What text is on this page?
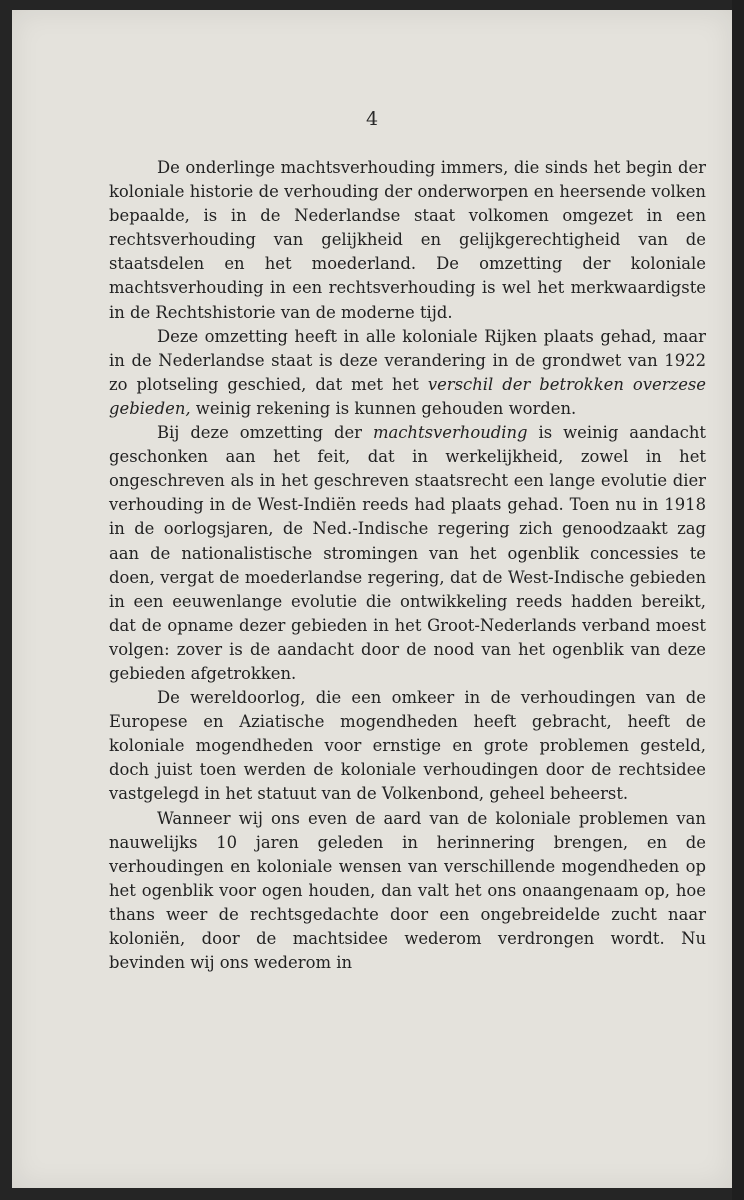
4

De onderlinge machtsverhouding immers, die sinds het begin der koloniale historie de verhouding der onderworpen en heersende volken bepaalde, is in de Nederlandse staat volkomen omgezet in een rechtsverhouding van gelijkheid en gelijkgerechtigheid van de staatsdelen en het moederland. De omzetting der koloniale machtsverhouding in een rechtsverhouding is wel het merkwaardigste in de Rechtshistorie van de moderne tijd.

Deze omzetting heeft in alle koloniale Rijken plaats gehad, maar in de Nederlandse staat is deze verandering in de grondwet van 1922 zo plotseling geschied, dat met het verschil der betrokken overzese gebieden, weinig rekening is kunnen gehouden worden.

Bij deze omzetting der machtsverhouding is weinig aandacht geschonken aan het feit, dat in werkelijkheid, zowel in het ongeschreven als in het geschreven staatsrecht een lange evolutie dier verhouding in de West-Indiën reeds had plaats gehad. Toen nu in 1918 in de oorlogsjaren, de Ned.-Indische regering zich genoodzaakt zag aan de nationalistische stromingen van het ogenblik concessies te doen, vergat de moederlandse regering, dat de West-Indische gebieden in een eeuwenlange evolutie die ontwikkeling reeds hadden bereikt, dat de opname dezer gebieden in het Groot-Nederlands verband moest volgen: zover is de aandacht door de nood van het ogenblik van deze gebieden afgetrokken.

De wereldoorlog, die een omkeer in de verhoudingen van de Europese en Aziatische mogendheden heeft gebracht, heeft de koloniale mogendheden voor ernstige en grote problemen gesteld, doch juist toen werden de koloniale verhoudingen door de rechtsidee vastgelegd in het statuut van de Volkenbond, geheel beheerst.

Wanneer wij ons even de aard van de koloniale problemen van nauwelijks 10 jaren geleden in herinnering brengen, en de verhoudingen en koloniale wensen van verschillende mogendheden op het ogenblik voor ogen houden, dan valt het ons onaangenaam op, hoe thans weer de rechtsgedachte door een ongebreidelde zucht naar koloniën, door de machtsidee wederom verdrongen wordt. Nu bevinden wij ons wederom in
